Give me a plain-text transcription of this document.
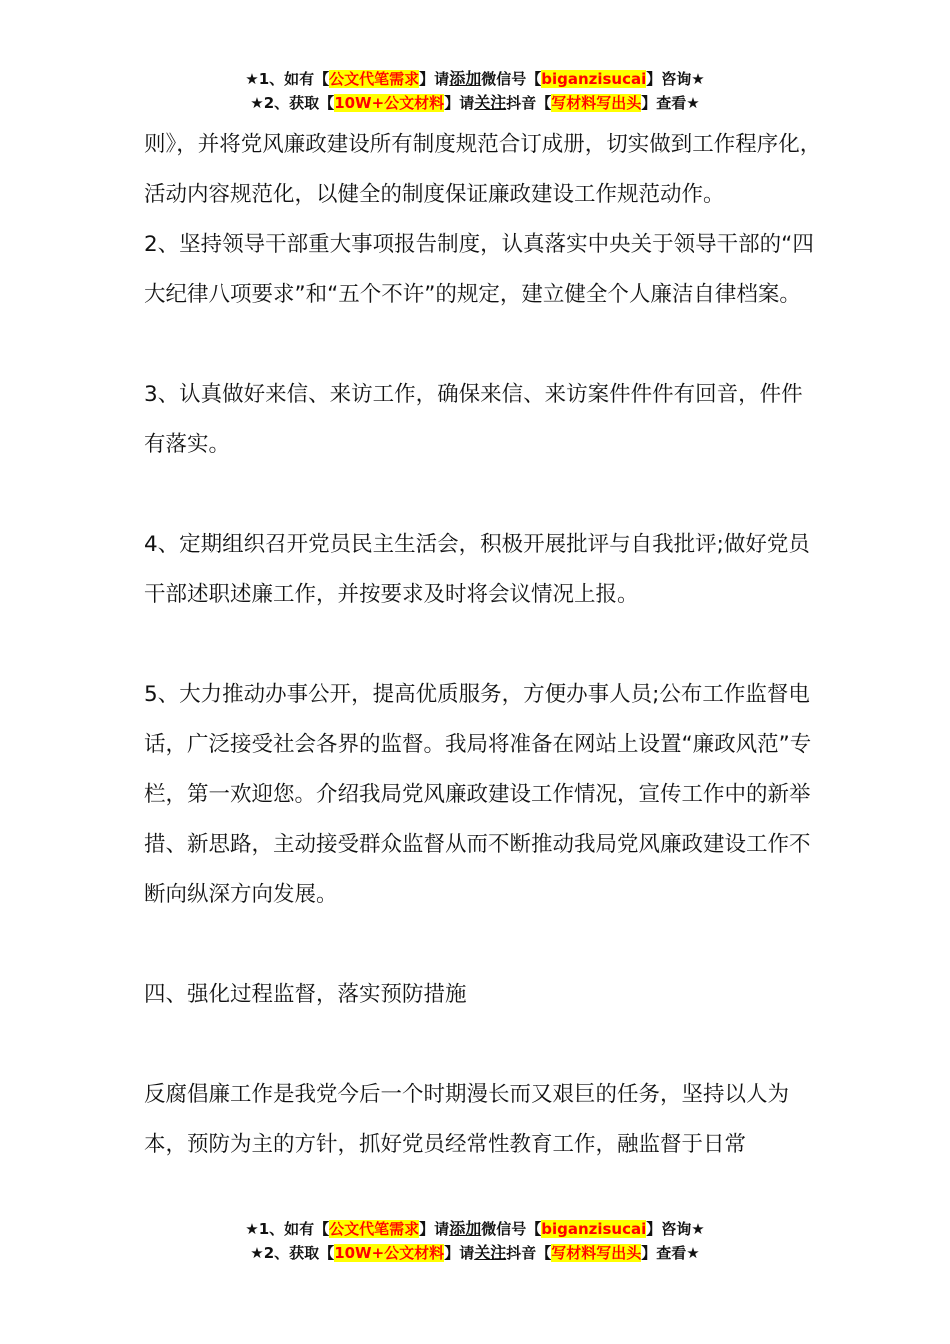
★1、如有【公文代笔需求】请添加微信号【biganzisucai】咨询★
★2、获取【10W+公文材料】请关注抖音【写材料写出头】查看★

则》，并将党风廉政建设所有制度规范合订成册，切实做到工作程序化，活动内容规范化，以健全的制度保证廉政建设工作规范动作。

2、坚持领导干部重大事项报告制度，认真落实中央关于领导干部的“四大纪律八项要求”和“五个不许”的规定，建立健全个人廉洁自律档案。

3、认真做好来信、来访工作，确保来信、来访案件件件有回音，件件有落实。

4、定期组织召开党员民主生活会，积极开展批评与自我批评;做好党员干部述职述廉工作，并按要求及时将会议情况上报。

5、大力推动办事公开，提高优质服务，方便办事人员;公布工作监督电话，广泛接受社会各界的监督。我局将准备在网站上设置“廉政风范”专栏，第一欢迎您。介绍我局党风廉政建设工作情况，宣传工作中的新举措、新思路，主动接受群众监督从而不断推动我局党风廉政建设工作不断向纵深方向发展。

四、强化过程监督，落实预防措施

反腐倡廉工作是我党今后一个时期漫长而又艰巨的任务，坚持以人为本，预防为主的方针，抓好党员经常性教育工作，融监督于日常

★1、如有【公文代笔需求】请添加微信号【biganzisucai】咨询★
★2、获取【10W+公文材料】请关注抖音【写材料写出头】查看★
